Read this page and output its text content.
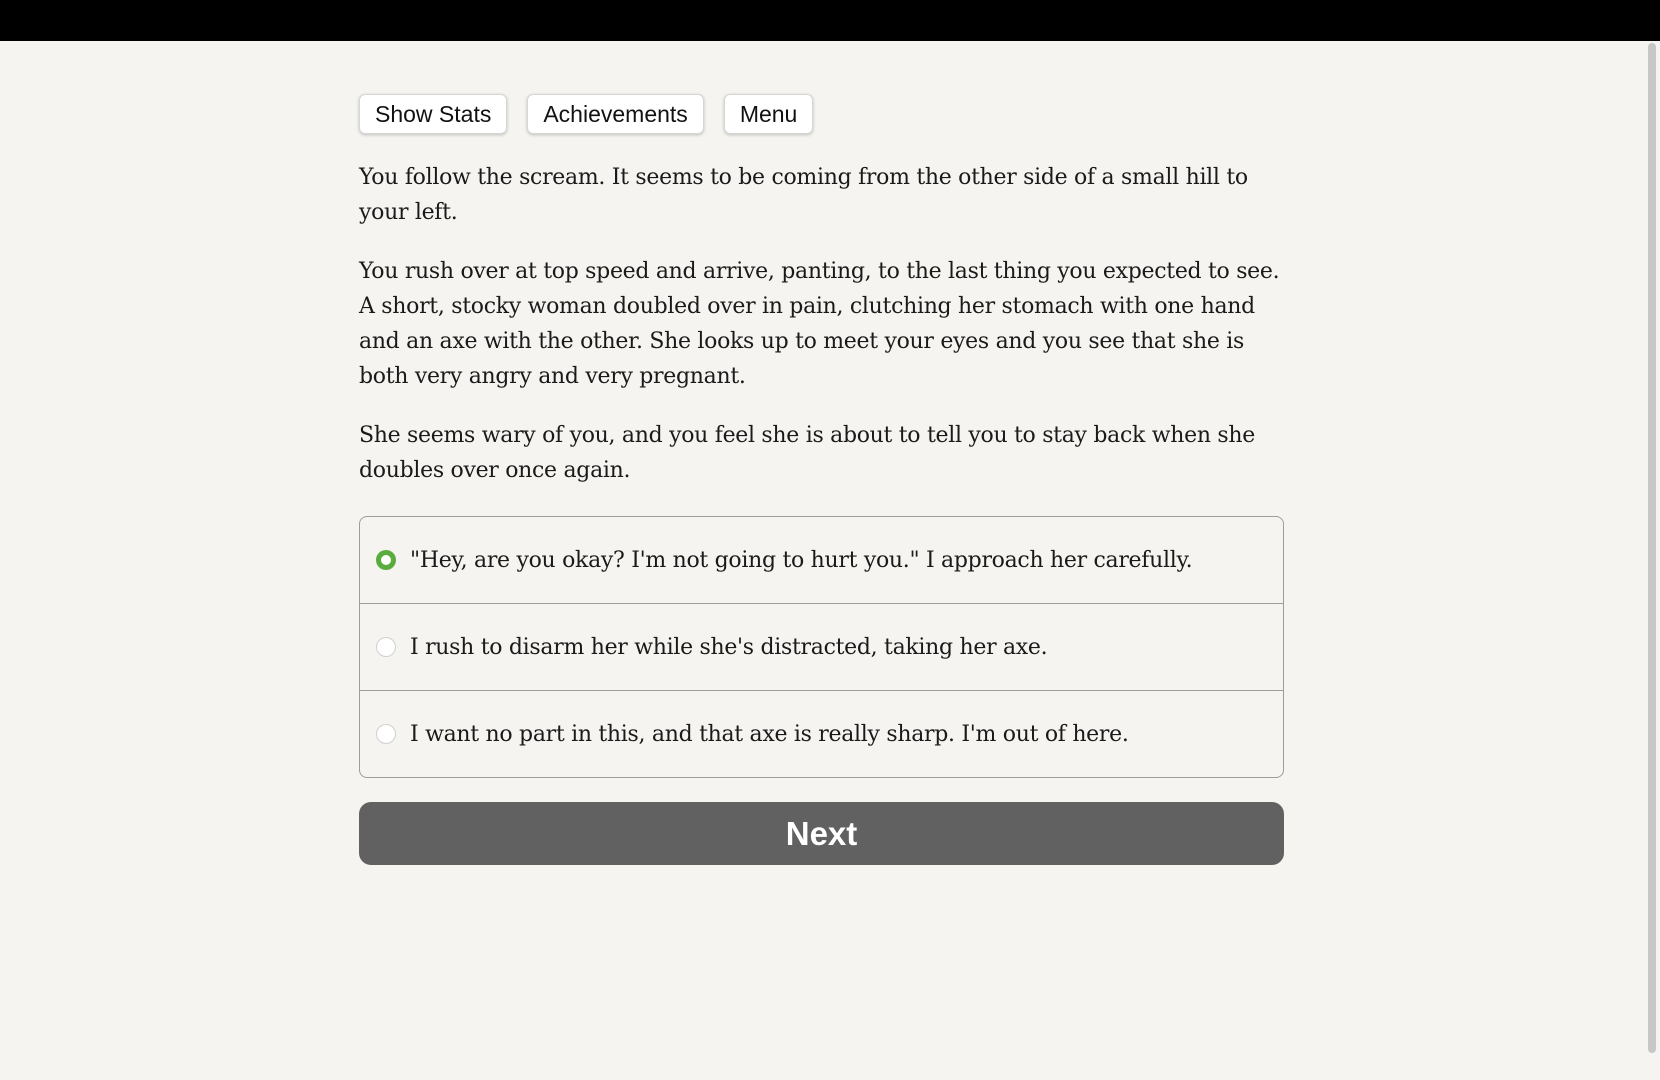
Show Stats	Achievements	Menu

You follow the scream. It seems to be coming from the other side of a small hill to your left.

You rush over at top speed and arrive, panting, to the last thing you expected to see. A short, stocky woman doubled over in pain, clutching her stomach with one hand and an axe with the other. She looks up to meet your eyes and you see that she is both very angry and very pregnant.

She seems wary of you, and you feel she is about to tell you to stay back when she doubles over once again.

"Hey, are you okay? I'm not going to hurt you." I approach her carefully.
I rush to disarm her while she's distracted, taking her axe.
I want no part in this, and that axe is really sharp. I'm out of here.
Next
